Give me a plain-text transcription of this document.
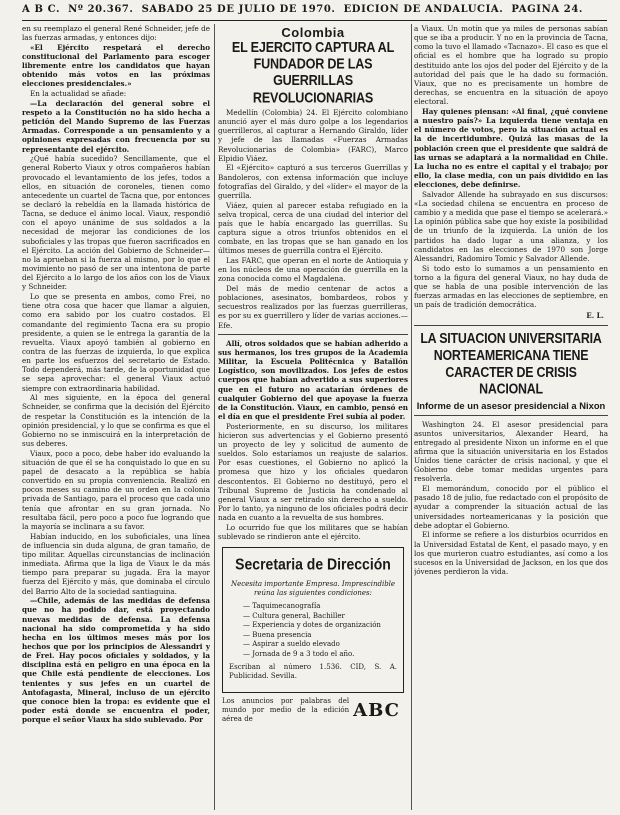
A B C. Nº 20.367. SABADO 25 DE JULIO DE 1970. EDICION DE ANDALUCIA. PAGINA 24.

en su reemplazo el general René Schneider, jefe de las fuerzas armadas, y entonces dijo:

«El Ejército respetará el derecho constitucional del Parlamento para escoger libremente entre los candidatos que hayan obtenido más votos en las próximas elecciones presidenciales.»

En la actualidad se añade:

—La declaración del general sobre el respeto a la Constitución no ha sido hecha a petición del Mando Supremo de las Fuerzas Armadas. Corresponde a un pensamiento y a opiniones expresadas con frecuencia por su representante del ejército.

¿Qué había sucedido? Sencillamente, que el general Roberto Viaux y otros compañeros habían provocado el levantamiento de los jefes, todos a ellos, en situación de coroneles, tienen como antecedente un cuartel de Tacna que, por entonces se declaró la rebeldía en la llamada histórica de Tacna, se deduce el ánimo local. Viaux, respondió con el apoyo unánime de sus soldados a la necesidad de mejorar las condiciones de los suboficiales y las tropas que fueron sacrificados en el Ejército. La acción del Gobierno de Schneider—no la aprueban si la fuerza al mismo, por lo que el movimiento no pasó de ser una intentona de parte del Ejército a lo largo de los años con los de Viaux y Schneider.

Lo que se presenta en ambos, como Frei, no tiene otra cosa que hacer que llamar a alguien, como era sabido por los cuatro costados. El comandante del regimiento Tacna era su propio presidente, a quien se le entrega la garantía de la revuelta. Viaux apoyó también al gobierno en contra de las fuerzas de izquierda, lo que explica en parte los esfuerzos del secretario de Estado. Todo dependerá, más tarde, de la oportunidad que se sepa aprovechar: el general Viaux actuó siempre con extraordinaria habilidad.

Al mes siguiente, en la época del general Schneider, se confirma que la decisión del Ejército de respetar la Constitución es la intención de la opinión presidencial, y lo que se confirma es que el Gobierno no se inmiscuirá en la interpretación de sus deberes.

Viaux, poco a poco, debe haber ido evaluando la situación de que él se ha conquistado lo que en su papel de desacato a la república se había convertido en su propia conveniencia. Realizó en pocos meses su camino de un orden en la colonia privada de Santiago, para el proceso que cada uno tenía que afrontar en su gran jornada. No resultaba fácil, pero poco a poco fue logrando que la mayoría se inclinara a su favor.

Habían inducido, en los suboficiales, una línea de influencia sin duda alguna, de gran tamaño, de tipo militar. Aquellas circunstancias de inclinación inmediata. Afirma que la liga de Viaux le da más tiempo para preparar su jugada. Era la mayor fuerza del Ejército y más, que dominaba el círculo del Barrio Alto de la sociedad santiaguina.

—Chile, además de las medidas de defensa que no ha podido dar, está proyectando nuevas medidas de defensa. La defensa nacional ha sido comprometida y ha sido hecha en los últimos meses más por los hechos que por los principios de Alessandri y de Frei. Hay pocos oficiales y soldados, y la disciplina está en peligro en una época en la que Chile está pendiente de elecciones. Los tenientes y sus jefes en un cuartel de Antofagasta, Mineral, incluso de un ejército que conoce bien la tropa: es evidente que el poder está donde se encuentra el poder, porque el señor Viaux ha sido sublevado. Por

Colombia
EL EJERCITO CAPTURA AL FUNDADOR DE LAS GUERRILLAS REVOLUCIONARIAS

Medellín (Colombia) 24. El Ejército colombiano anunció ayer el más duro golpe a los legendarios guerrilleros, al capturar a Hernando Giraldo, líder y jefe de las llamadas «Fuerzas Armadas Revolucionarias de Colombia» (FARC), Marco Elpidio Viáez.

El «Ejército» capturó a sus terceros Guerrillas y Bandoleros, con extensa información que incluye fotografías del Giraldo, y del «líder» el mayor de la guerrilla.

Viáez, quien al parecer estaba refugiado en la selva tropical, cerca de una ciudad del interior del país que le había encargado las guerrillas. Su captura sigue a otros triunfos obtenidos en el combate, en las tropas que se han ganado en los últimos meses de guerrilla contra el Ejército.

Las FARC, que operan en el norte de Antioquia y en los núcleos de una operación de guerrilla en la zona conocida como el Magdalena.

Del más de medio centenar de actos a poblaciones, asesinatos, bombardeos, robos y secuestros realizados por las fuerzas guerrilleras, es por su ex guerrillero y líder de varias acciones.—Efe.

Allí, otros soldados que se habían adherido a sus hermanos, los tres grupos de la Academia Militar, la Escuela Politécnica y Batallón Logístico, son movilizados. Los jefes de estos cuerpos que habían advertido a sus superiores que en el futuro no acatarían órdenes de cualquier Gobierno del que apoyase la fuerza de la Constitución. Viaux, en cambio, pensó en el día en que el presidente Frei subía al poder.

Posteriormente, en su discurso, los militares hicieron sus advertencias y el Gobierno presentó un proyecto de ley y solicitud de aumento de sueldos. Solo estaríamos un reajuste de salarios. Por esas cuestiones, el Gobierno no aplicó la promesa que hizo y los oficiales quedaron descontentos. El Gobierno no destituyó, pero el Tribunal Supremo de Justicia ha condenado al general Viaux a ser retirado sin derecho a sueldo. Por lo tanto, ya ninguno de los oficiales podrá decir nada en cuanto a la revuelta de sus hombres.

Lo ocurrido fue que los militares que se habían sublevado se rindieron ante el ejército.

Secretaria de Dirección
Necesita importante Empresa. Imprescindible reúna las siguientes condiciones:
— Taquimecanografía
— Cultura general, Bachiller
— Experiencia y dotes de organización
— Buena presencia
— Aspirar a sueldo elevado
— Jornada de 9 a 3 todo el año.
Escriban al número 1.536. CID, S. A. Publicidad. Sevilla.
Los anuncios por palabras del mundo por medio de la edición aérea de	ABC

a Viaux. Un motín que ya miles de personas sabían que se iba a producir. Y no en la provincia de Tacna, como la tuvo el llamado «Tacnazo». El caso es que el oficial es el hombre que ha logrado su propio destituido ante los ojos del poder del Ejército y de la autoridad del país que le ha dado su formación. Viaux, que no es precisamente un hombre de derechas, se encuentra en la situación de apoyo electoral.

Hay quienes piensan: «Al final, ¿qué conviene a nuestro país?» La izquierda tiene ventaja en el número de votos, pero la situación actual es la de incertidumbre. Quizá las masas de la población creen que el presidente que saldrá de las urnas se adaptará a la normalidad en Chile. La lucha no es entre el capital y el trabajo; por ello, la clase media, con un país dividido en las elecciones, debe definirse.

Salvador Allende ha subrayado en sus discursos: «La sociedad chilena se encuentra en proceso de cambio y a medida que pase el tiempo se acelerará.» La opinión pública sabe que hoy existe la posibilidad de un triunfo de la izquierda. La unión de los partidos ha dado lugar a una alianza, y los candidatos en las elecciones de 1970 son Jorge Alessandri, Radomiro Tomic y Salvador Allende.

Si todo esto lo sumamos a un pensamiento en torno a la figura del general Viaux, no hay duda de que se habla de una posible intervención de las fuerzas armadas en las elecciones de septiembre, en un país de tradición democrática.

E. L.
LA SITUACION UNIVERSITARIA NORTEAMERICANA TIENE CARACTER DE CRISIS NACIONAL
Informe de un asesor presidencial a Nixon

Washington 24. El asesor presidencial para asuntos universitarios, Alexander Heard, ha entregado al presidente Nixon un informe en el que afirma que la situación universitaria en los Estados Unidos tiene carácter de crisis nacional, y que el Gobierno debe tomar medidas urgentes para resolverla.

El memorándum, conocido por el público el pasado 18 de julio, fue redactado con el propósito de ayudar a comprender la situación actual de las universidades norteamericanas y la posición que debe adoptar el Gobierno.

El informe se refiere a los disturbios ocurridos en la Universidad Estatal de Kent, el pasado mayo, y en los que murieron cuatro estudiantes, así como a los sucesos en la Universidad de Jackson, en los que dos jóvenes perdieron la vida.
